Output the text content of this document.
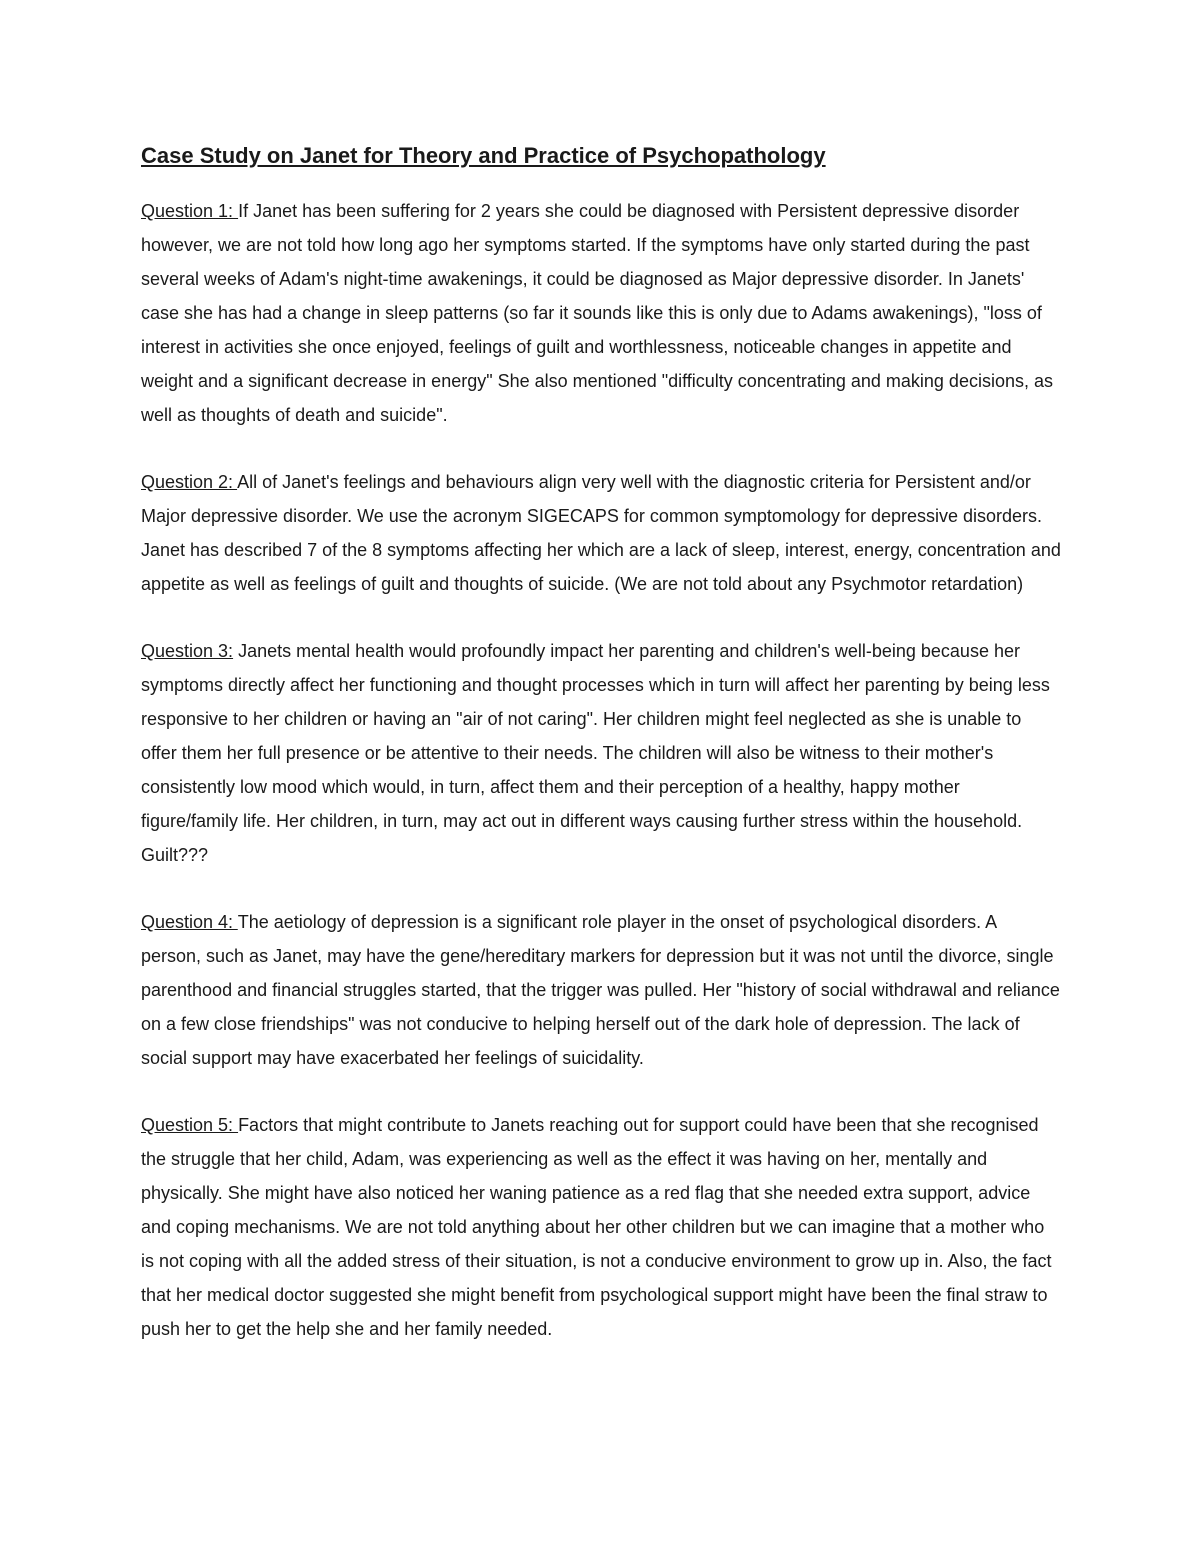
Case Study on Janet for Theory and Practice of Psychopathology

Question 1: If Janet has been suffering for 2 years she could be diagnosed with Persistent depressive disorder however, we are not told how long ago her symptoms started. If the symptoms have only started during the past several weeks of Adam's night-time awakenings, it could be diagnosed as Major depressive disorder. In Janets' case she has had a change in sleep patterns (so far it sounds like this is only due to Adams awakenings), "loss of interest in activities she once enjoyed, feelings of guilt and worthlessness, noticeable changes in appetite and weight and a significant decrease in energy" She also mentioned "difficulty concentrating and making decisions, as well as thoughts of death and suicide".

Question 2: All of Janet's feelings and behaviours align very well with the diagnostic criteria for Persistent and/or Major depressive disorder. We use the acronym SIGECAPS for common symptomology for depressive disorders. Janet has described 7 of the 8 symptoms affecting her which are a lack of sleep, interest, energy, concentration and appetite as well as feelings of guilt and thoughts of suicide. (We are not told about any Psychmotor retardation)

Question 3: Janets mental health would profoundly impact her parenting and children's well-being because her symptoms directly affect her functioning and thought processes which in turn will affect her parenting by being less responsive to her children or having an "air of not caring". Her children might feel neglected as she is unable to offer them her full presence or be attentive to their needs. The children will also be witness to their mother's consistently low mood which would, in turn, affect them and their perception of a healthy, happy mother figure/family life. Her children, in turn, may act out in different ways causing further stress within the household. Guilt???

Question 4: The aetiology of depression is a significant role player in the onset of psychological disorders. A person, such as Janet, may have the gene/hereditary markers for depression but it was not until the divorce, single parenthood and financial struggles started, that the trigger was pulled. Her "history of social withdrawal and reliance on a few close friendships" was not conducive to helping herself out of the dark hole of depression. The lack of social support may have exacerbated her feelings of suicidality.

Question 5: Factors that might contribute to Janets reaching out for support could have been that she recognised the struggle that her child, Adam, was experiencing as well as the effect it was having on her, mentally and physically. She might have also noticed her waning patience as a red flag that she needed extra support, advice and coping mechanisms. We are not told anything about her other children but we can imagine that a mother who is not coping with all the added stress of their situation, is not a conducive environment to grow up in. Also, the fact that her medical doctor suggested she might benefit from psychological support might have been the final straw to push her to get the help she and her family needed.
